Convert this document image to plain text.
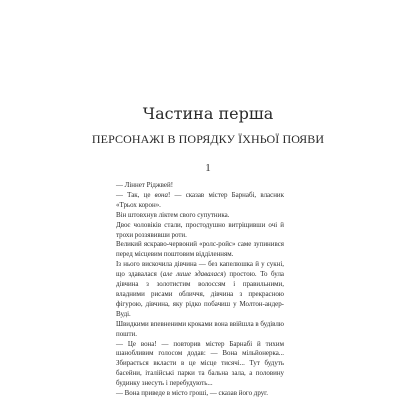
Частина перша
ПЕРСОНАЖІ В ПОРЯДКУ ЇХНЬОЇ ПОЯВИ
1

— Ліннет Ріджвей!

— Так, це вона! — сказав містер Барнабі, власник «Трьох корон».

Він штовхнув ліктем свого супутника.

Двоє чоловіків стали, простодушно витріщивши очі й трохи роззявивши роти.

Великий яскраво-червоний «ролс-ройс» саме зупинився перед місцевим поштовим відділенням.

Із нього вискочила дівчина — без капелюшка й у сукні, що здавалася (але лише здавалася) простою. То була дівчина з золотистим волоссям і правильними, владними рисами обличчя, дівчина з прекрасною фігурою, дівчина, яку рідко побачиш у Молтон-андер-Вуді.

Швидкими впевненими кроками вона ввійшла в будівлю пошти.

— Це вона! — повторив містер Барнабі й тихим шанобливим голосом додав: — Вона мільйонерка... Збирається вкласти в це місце тисячі... Тут будуть басейни, італійські парки та бальна зала, а половину будинку знесуть і перебудують...

— Вона приведе в місто гроші, — сказав його друг.
